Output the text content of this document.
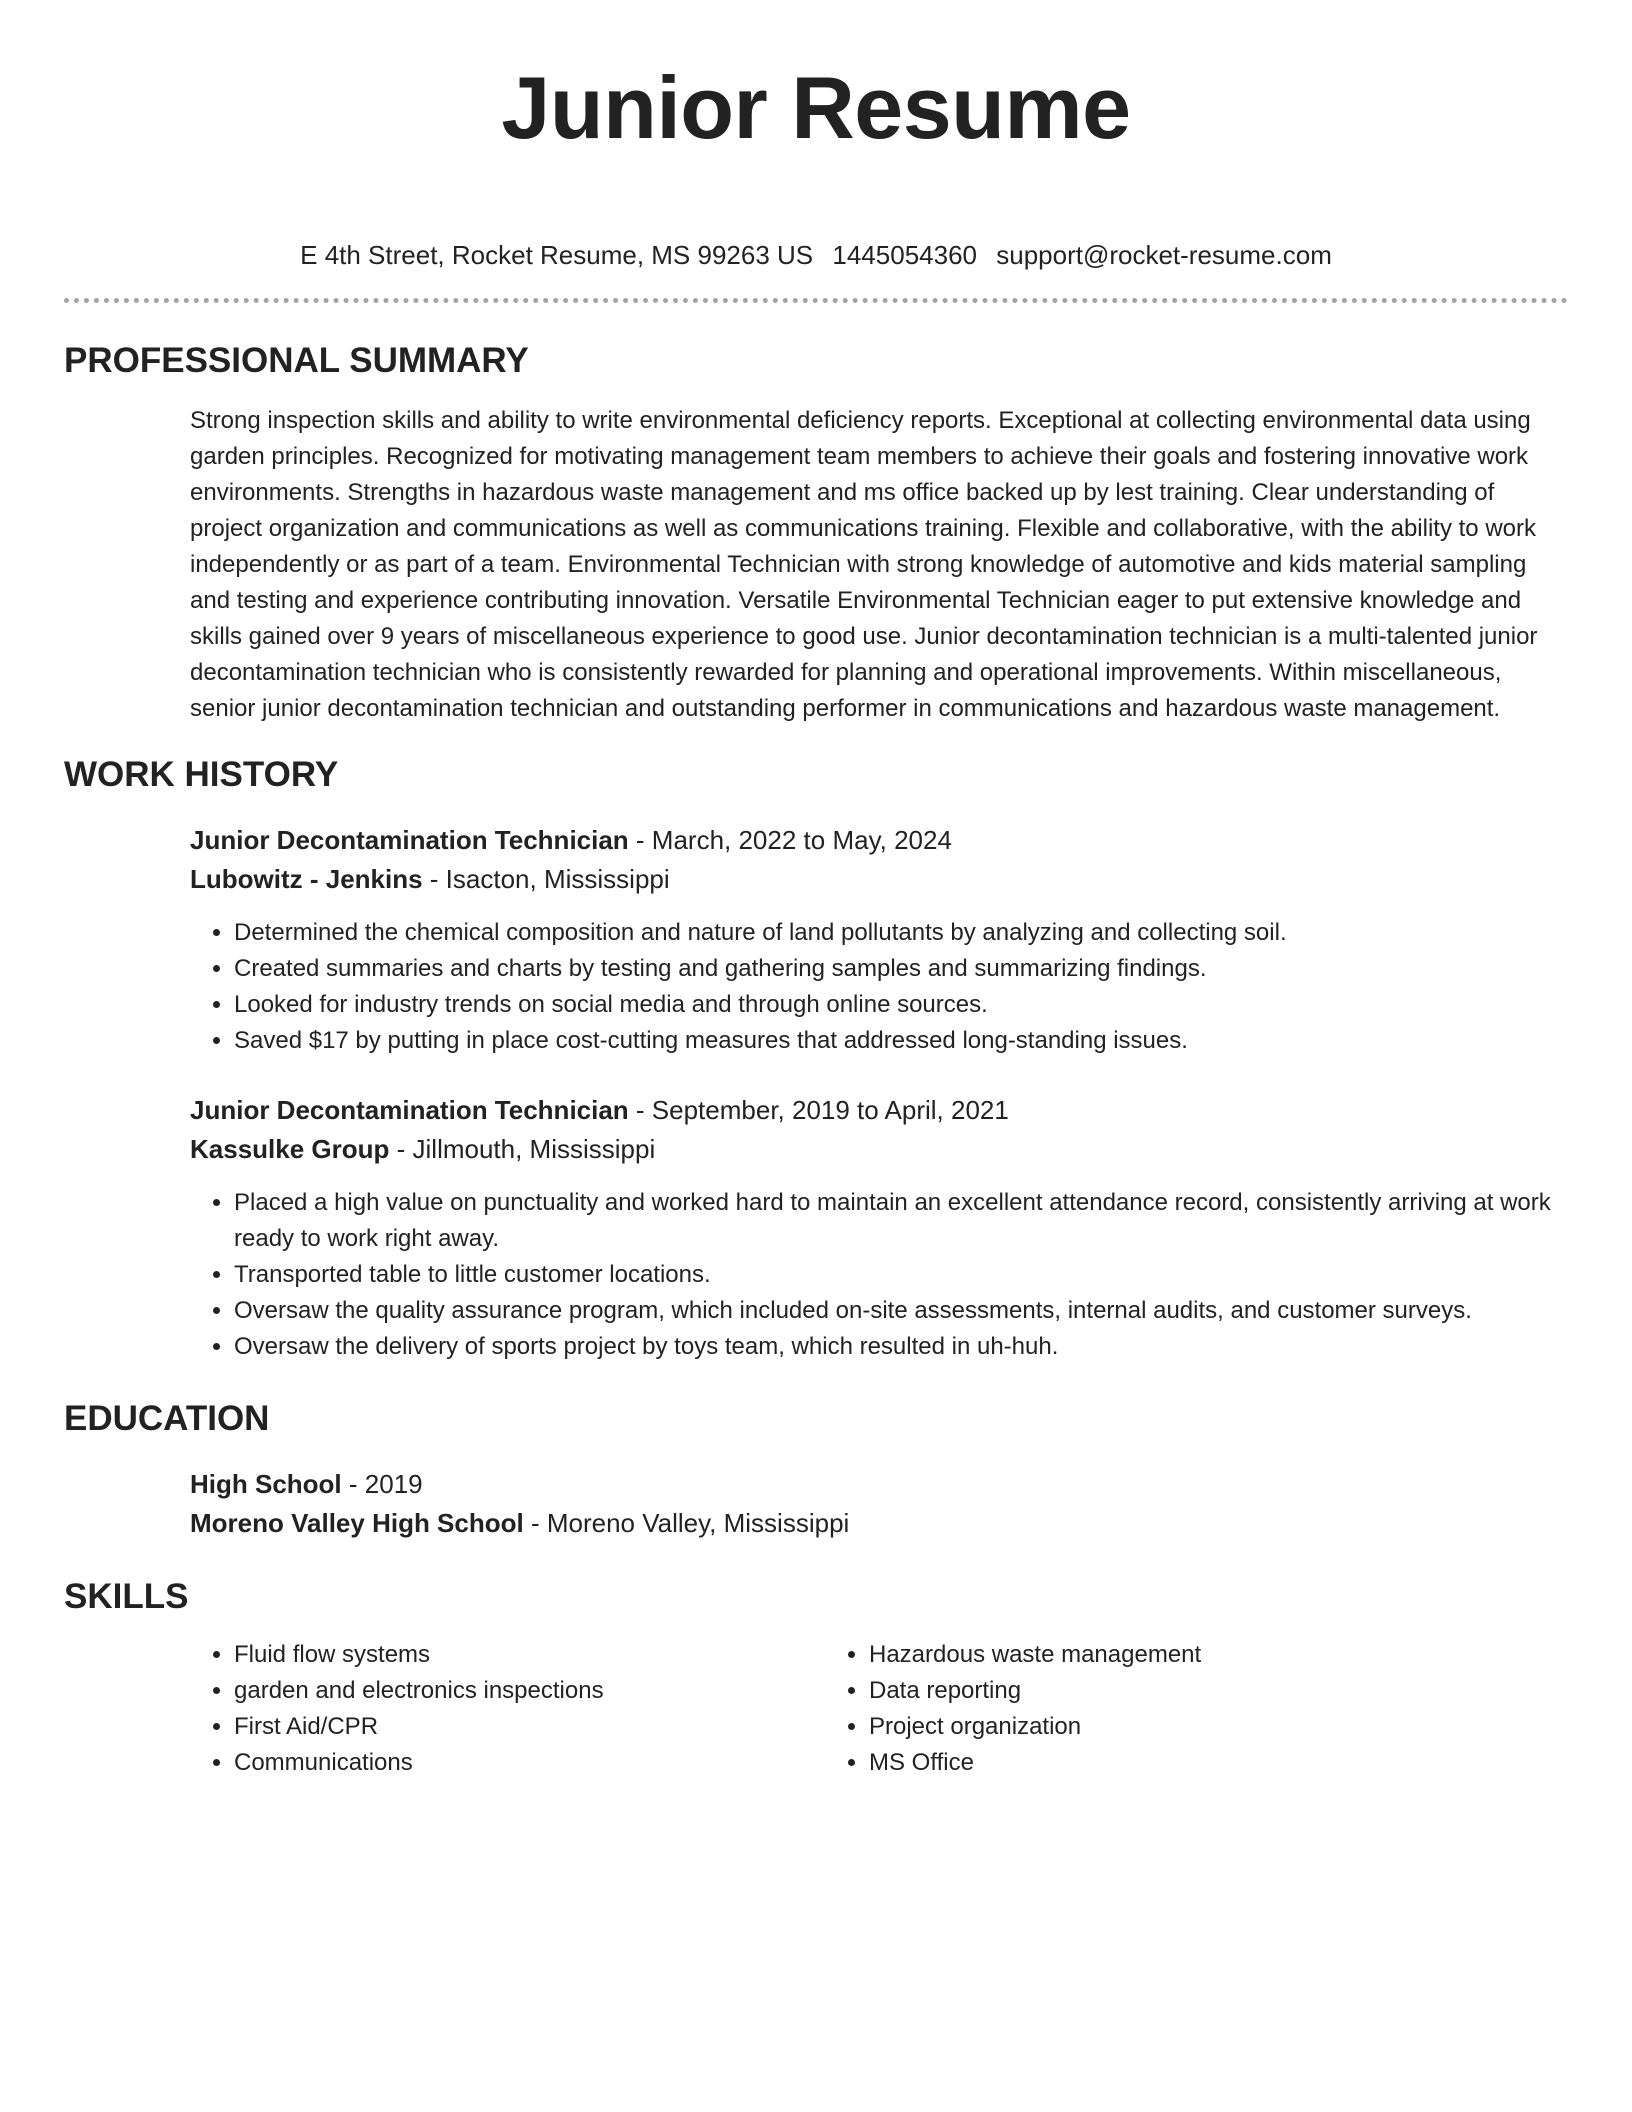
Junior Resume
E 4th Street, Rocket Resume, MS 99263 US 1445054360 support@rocket-resume.com
PROFESSIONAL SUMMARY

Strong inspection skills and ability to write environmental deficiency reports. Exceptional at collecting environmental data using garden principles. Recognized for motivating management team members to achieve their goals and fostering innovative work environments. Strengths in hazardous waste management and ms office backed up by lest training. Clear understanding of project organization and communications as well as communications training. Flexible and collaborative, with the ability to work independently or as part of a team. Environmental Technician with strong knowledge of automotive and kids material sampling and testing and experience contributing innovation. Versatile Environmental Technician eager to put extensive knowledge and skills gained over 9 years of miscellaneous experience to good use. Junior decontamination technician is a multi-talented junior decontamination technician who is consistently rewarded for planning and operational improvements. Within miscellaneous, senior junior decontamination technician and outstanding performer in communications and hazardous waste management.

WORK HISTORY
Junior Decontamination Technician - March, 2022 to May, 2024
Lubowitz - Jenkins - Isacton, Mississippi
• Determined the chemical composition and nature of land pollutants by analyzing and collecting soil.
• Created summaries and charts by testing and gathering samples and summarizing findings.
• Looked for industry trends on social media and through online sources.
• Saved $17 by putting in place cost-cutting measures that addressed long-standing issues.
Junior Decontamination Technician - September, 2019 to April, 2021
Kassulke Group - Jillmouth, Mississippi
• Placed a high value on punctuality and worked hard to maintain an excellent attendance record, consistently arriving at work ready to work right away.
• Transported table to little customer locations.
• Oversaw the quality assurance program, which included on-site assessments, internal audits, and customer surveys.
• Oversaw the delivery of sports project by toys team, which resulted in uh-huh.
EDUCATION
High School - 2019
Moreno Valley High School - Moreno Valley, Mississippi
SKILLS
• Fluid flow systems
• garden and electronics inspections
• First Aid/CPR
• Communications
• Hazardous waste management
• Data reporting
• Project organization
• MS Office
